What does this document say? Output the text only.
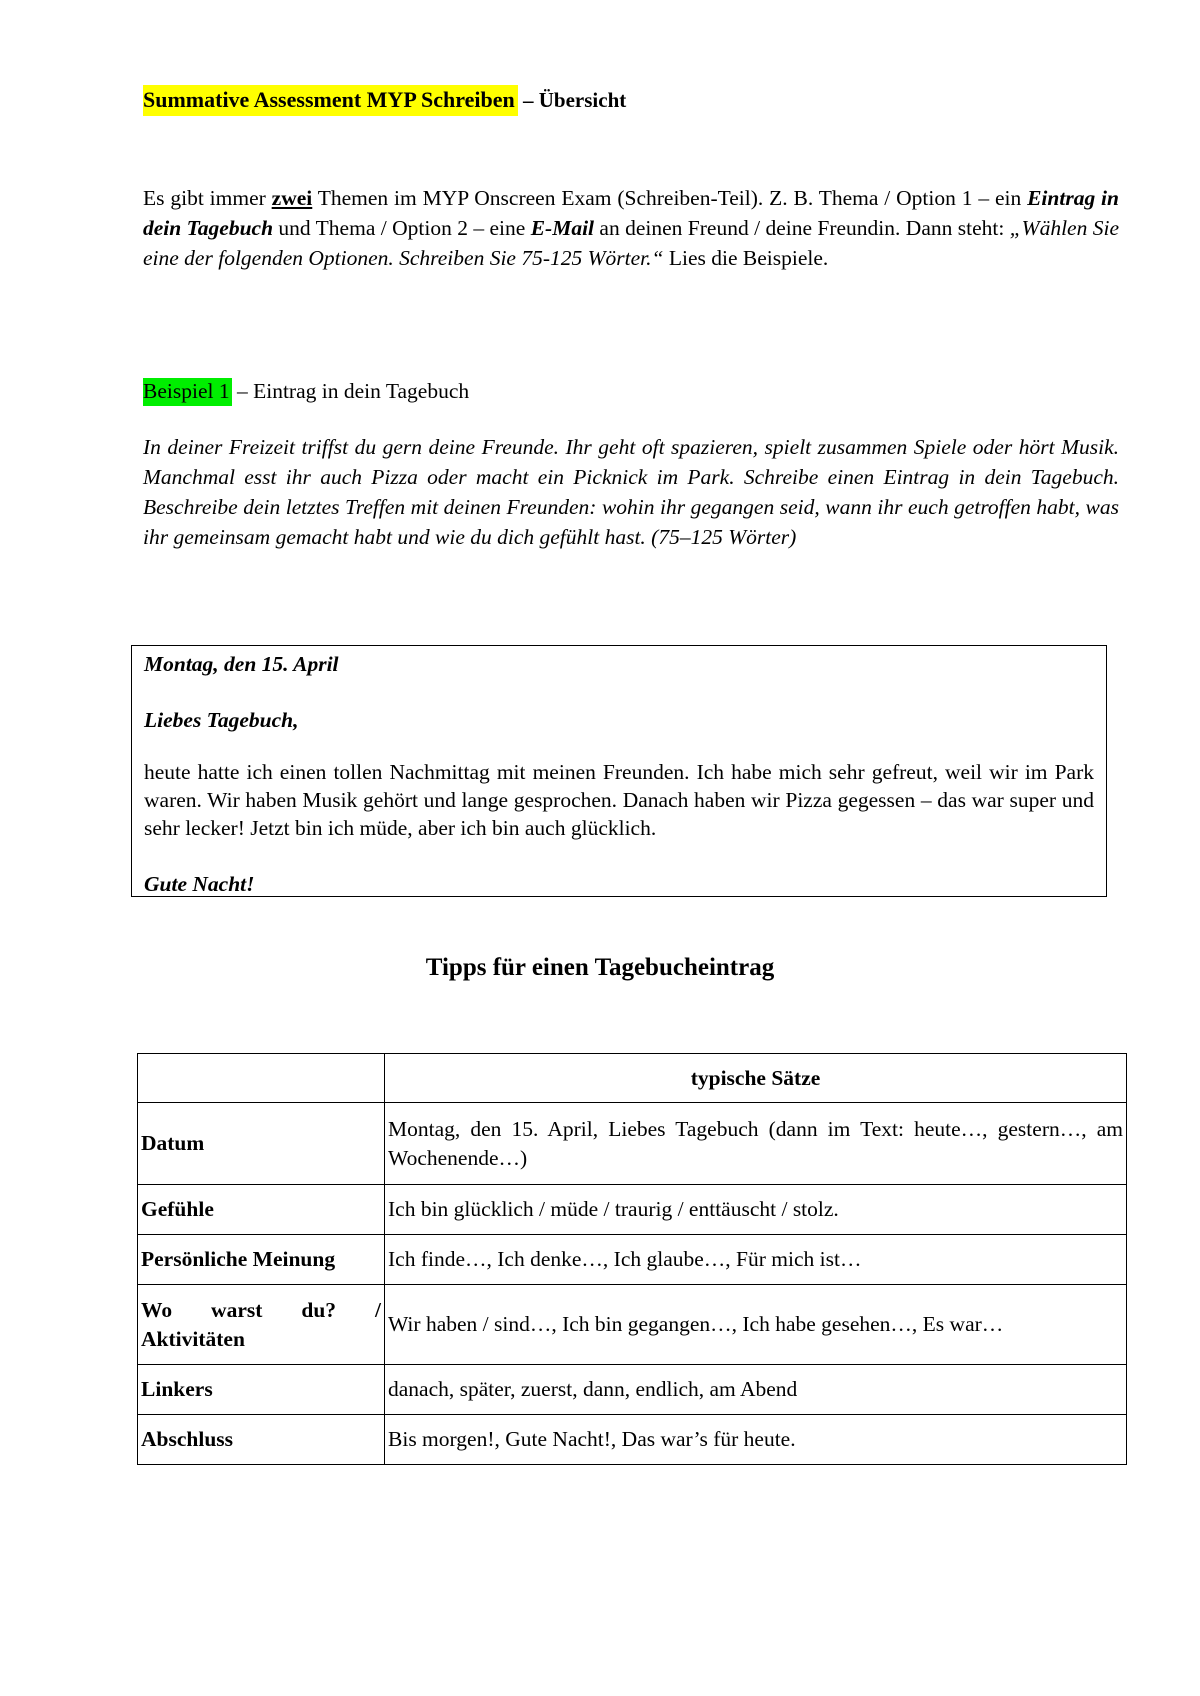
Summative Assessment MYP Schreiben – Übersicht
Es gibt immer zwei Themen im MYP Onscreen Exam (Schreiben-Teil). Z. B. Thema / Option 1 – ein Eintrag in dein Tagebuch und Thema / Option 2 – eine E-Mail an deinen Freund / deine Freundin. Dann steht: „Wählen Sie eine der folgenden Optionen. Schreiben Sie 75-125 Wörter.“ Lies die Beispiele.
Beispiel 1 – Eintrag in dein Tagebuch
In deiner Freizeit triffst du gern deine Freunde. Ihr geht oft spazieren, spielt zusammen Spiele oder hört Musik. Manchmal esst ihr auch Pizza oder macht ein Picknick im Park. Schreibe einen Eintrag in dein Tagebuch. Beschreibe dein letztes Treffen mit deinen Freunden: wohin ihr gegangen seid, wann ihr euch getroffen habt, was ihr gemeinsam gemacht habt und wie du dich gefühlt hast. (75–125 Wörter)
Montag, den 15. April
Liebes Tagebuch,
heute hatte ich einen tollen Nachmittag mit meinen Freunden. Ich habe mich sehr gefreut, weil wir im Park waren. Wir haben Musik gehört und lange gesprochen. Danach haben wir Pizza gegessen – das war super und sehr lecker! Jetzt bin ich müde, aber ich bin auch glücklich.
Gute Nacht!
Tipps für einen Tagebucheintrag
	typische Sätze
Datum	Montag, den 15. April, Liebes Tagebuch (dann im Text: heute…, gestern…, am Wochenende…)
Gefühle	Ich bin glücklich / müde / traurig / enttäuscht / stolz.
Persönliche Meinung	Ich finde…, Ich denke…, Ich glaube…, Für mich ist…

Wo warst du? /
Aktivitäten	Wir haben / sind…, Ich bin gegangen…, Ich habe gesehen…, Es war…
Linkers	danach, später, zuerst, dann, endlich, am Abend
Abschluss	Bis morgen!, Gute Nacht!, Das war’s für heute.
